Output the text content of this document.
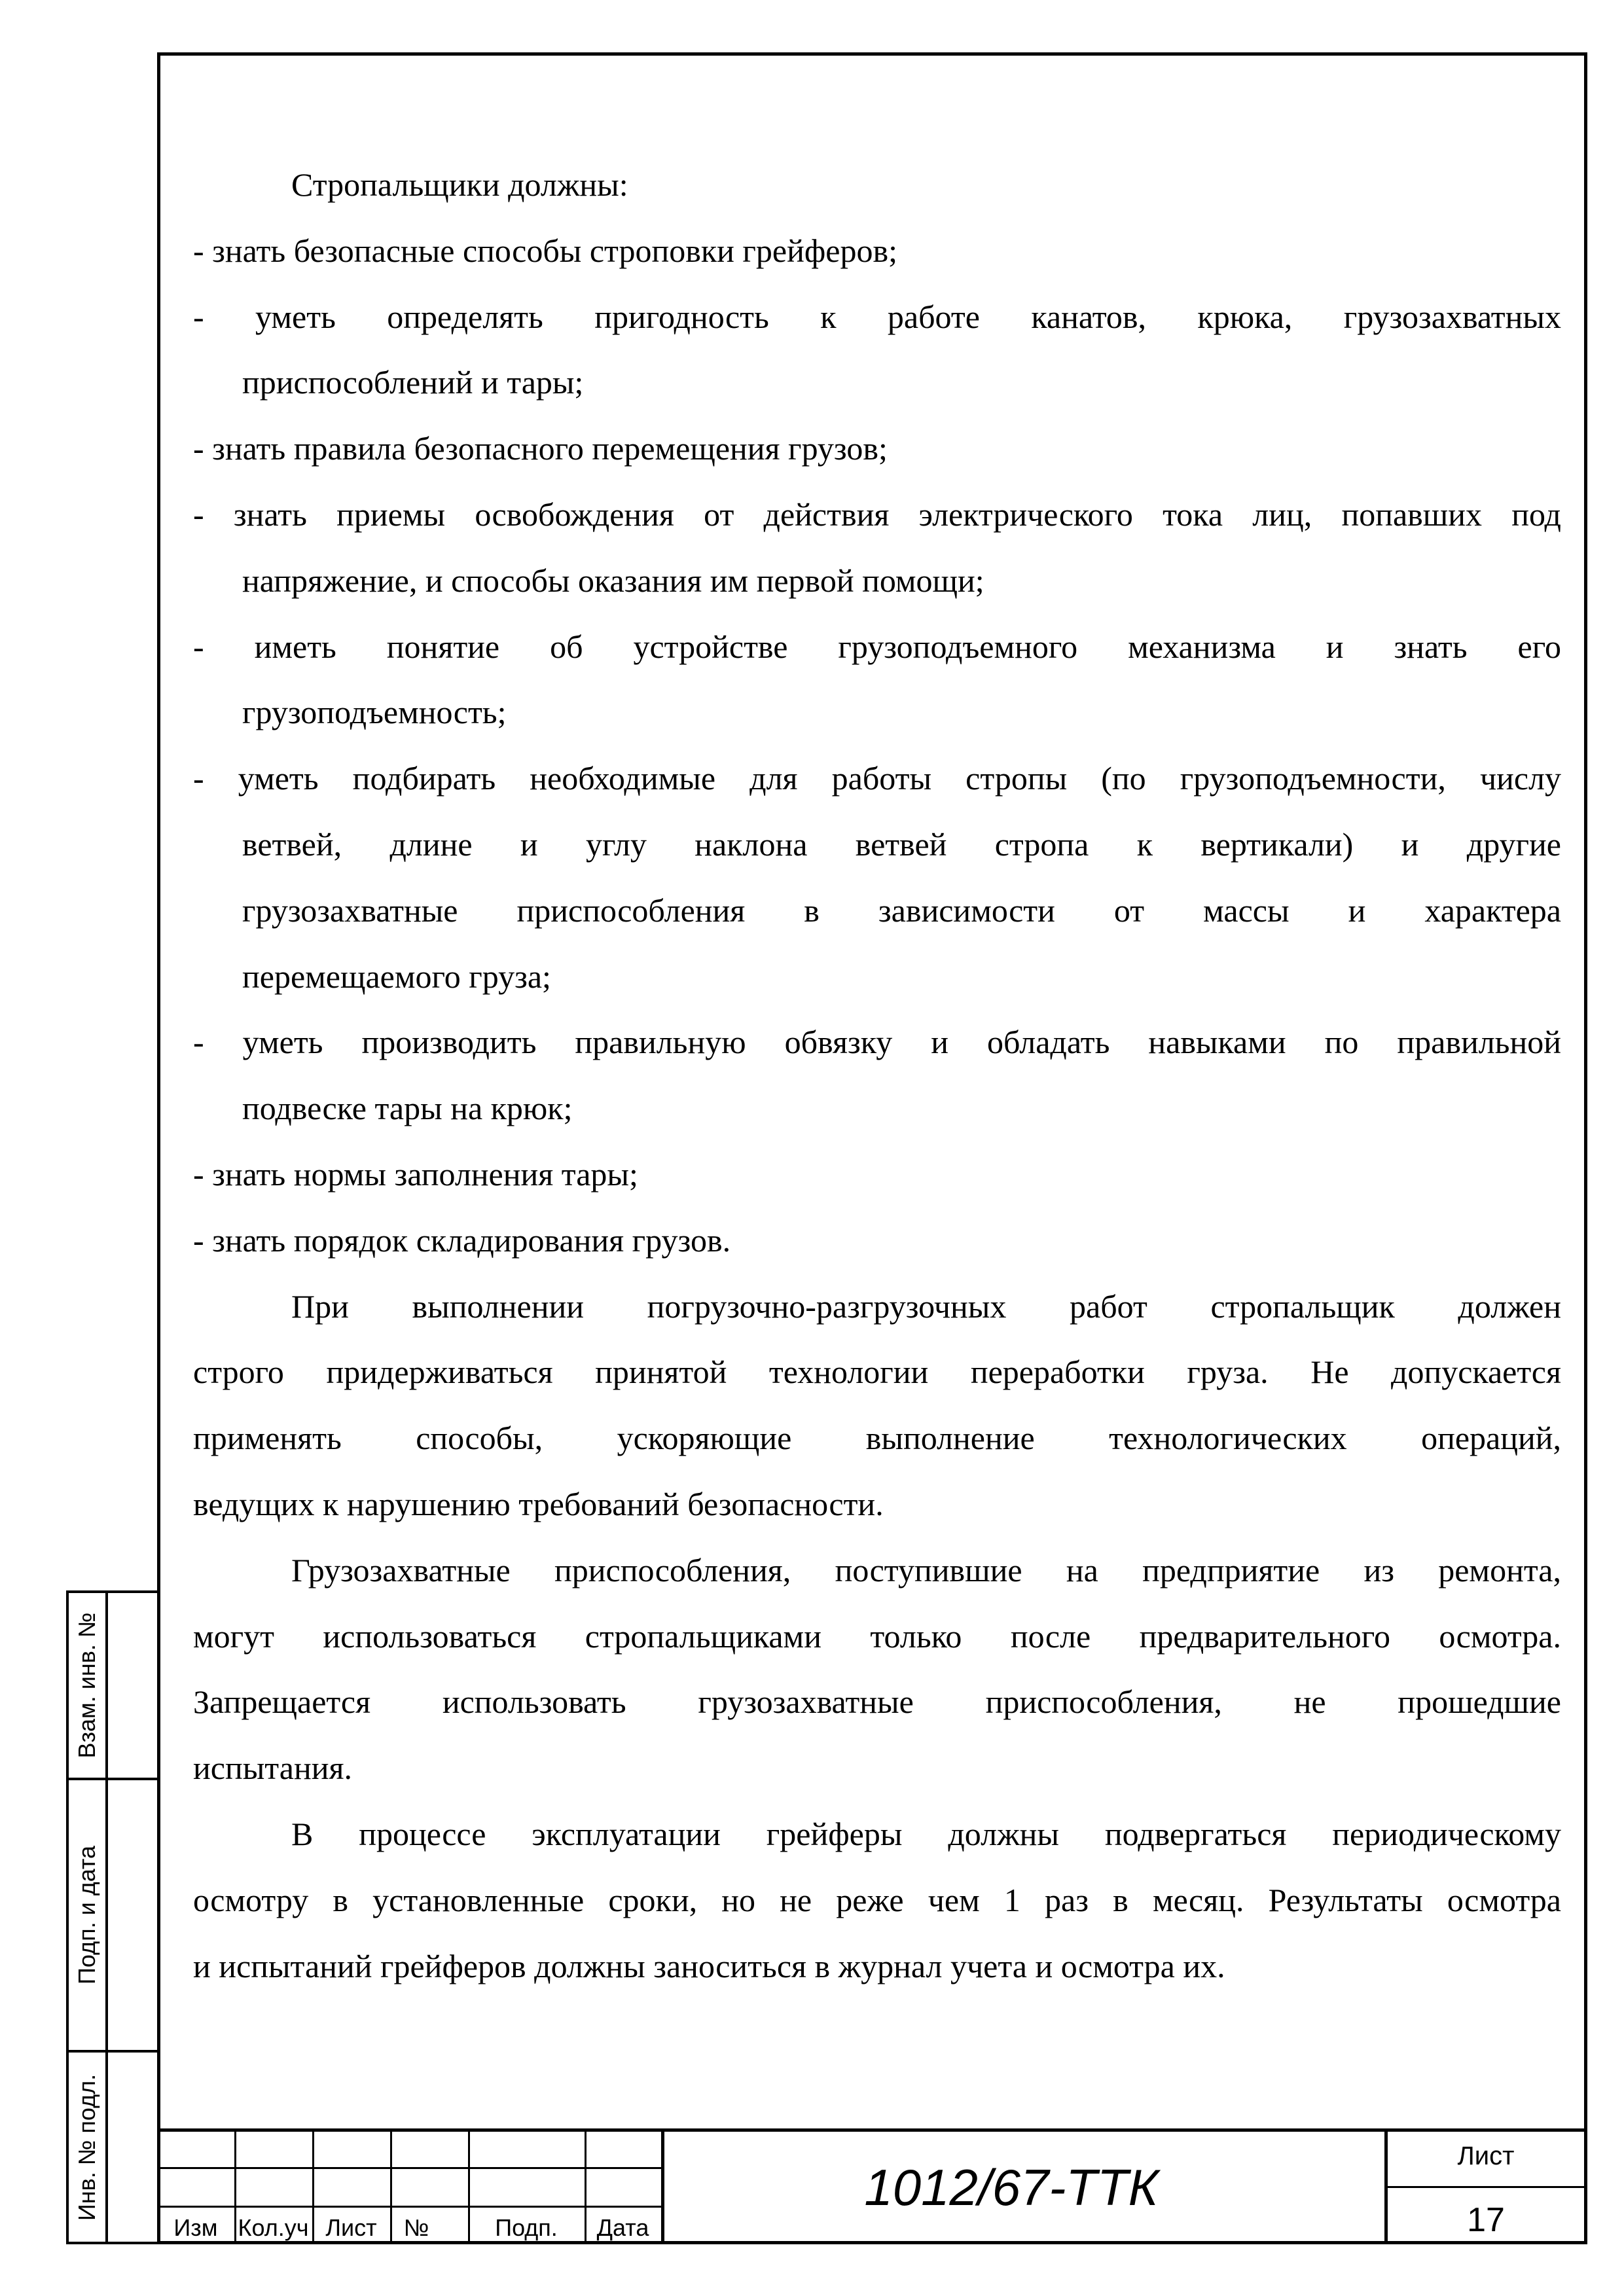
Стропальщики должны:
- знать безопасные способы строповки грейферов;
- уметь определять пригодность к работе канатов, крюка, грузозахватных
приспособлений и тары;
- знать правила безопасного перемещения грузов;
- знать приемы освобождения от действия электрического тока лиц, попавших под
напряжение, и способы оказания им первой помощи;
- иметь понятие об устройстве грузоподъемного механизма и знать его
грузоподъемность;
- уметь подбирать необходимые для работы стропы (по грузоподъемности, числу
ветвей, длине и углу наклона ветвей стропа к вертикали) и другие
грузозахватные приспособления в зависимости от массы и характера
перемещаемого груза;
- уметь производить правильную обвязку и обладать навыками по правильной
подвеске тары на крюк;
- знать нормы заполнения тары;
- знать порядок складирования грузов.
При выполнении погрузочно-разгрузочных работ стропальщик должен
строго придерживаться принятой технологии переработки груза. Не допускается
применять способы, ускоряющие выполнение технологических операций,
ведущих к нарушению требований безопасности.
Грузозахватные приспособления, поступившие на предприятие из ремонта,
могут использоваться стропальщиками только после предварительного осмотра.
Запрещается использовать грузозахватные приспособления, не прошедшие
испытания.
В процессе эксплуатации грейферы должны подвергаться периодическому
осмотру в установленные сроки, но не реже чем 1 раз в месяц. Результаты осмотра
и испытаний грейферов должны заноситься в журнал учета и осмотра их.
Взам. инв. №
Подп. и дата
Инв. № подл.
Изм Кол.уч Лист	№	Подп.	Дата
1012/67-ТТК
Лист
17
